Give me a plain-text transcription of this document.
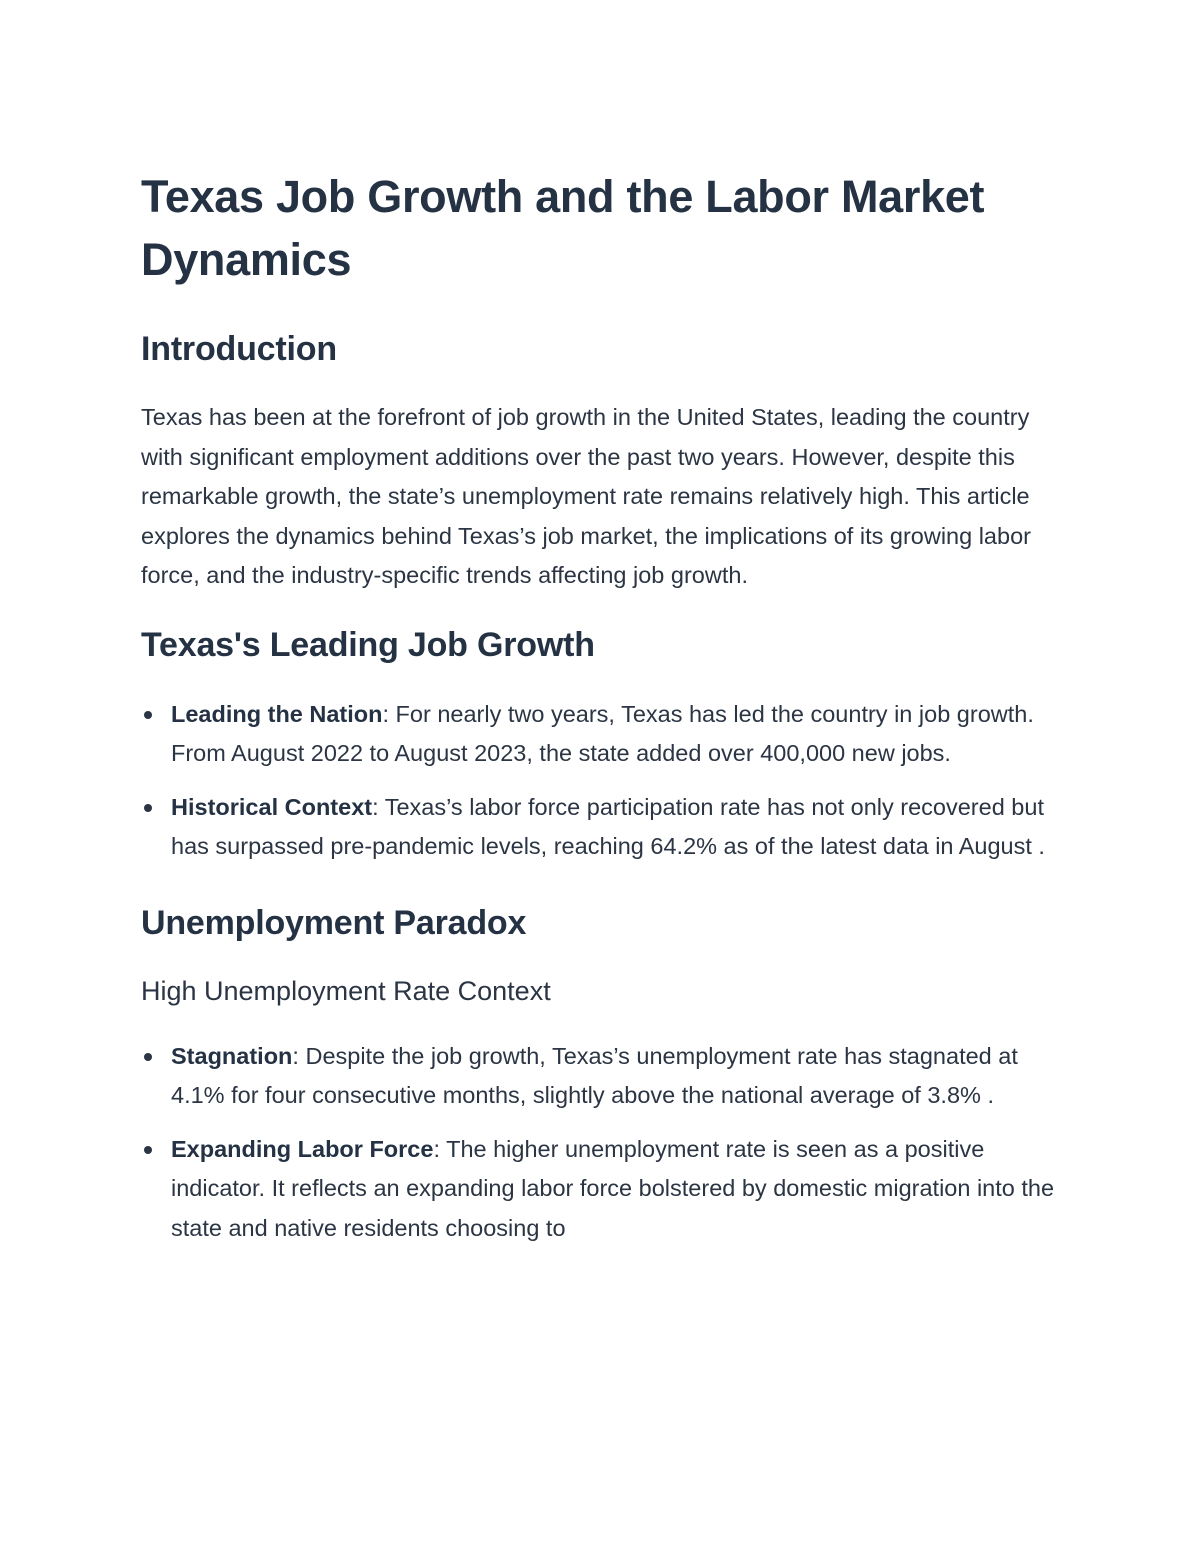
Texas Job Growth and the Labor Market Dynamics
Introduction

Texas has been at the forefront of job growth in the United States, leading the country with significant employment additions over the past two years. However, despite this remarkable growth, the state’s unemployment rate remains relatively high. This article explores the dynamics behind Texas’s job market, the implications of its growing labor force, and the industry-specific trends affecting job growth.

Texas's Leading Job Growth
Leading the Nation: For nearly two years, Texas has led the country in job growth. From August 2022 to August 2023, the state added over 400,000 new jobs.
Historical Context: Texas’s labor force participation rate has not only recovered but has surpassed pre-pandemic levels, reaching 64.2% as of the latest data in August .
Unemployment Paradox
High Unemployment Rate Context
Stagnation: Despite the job growth, Texas’s unemployment rate has stagnated at 4.1% for four consecutive months, slightly above the national average of 3.8% .
Expanding Labor Force: The higher unemployment rate is seen as a positive indicator. It reflects an expanding labor force bolstered by domestic migration into the state and native residents choosing to
